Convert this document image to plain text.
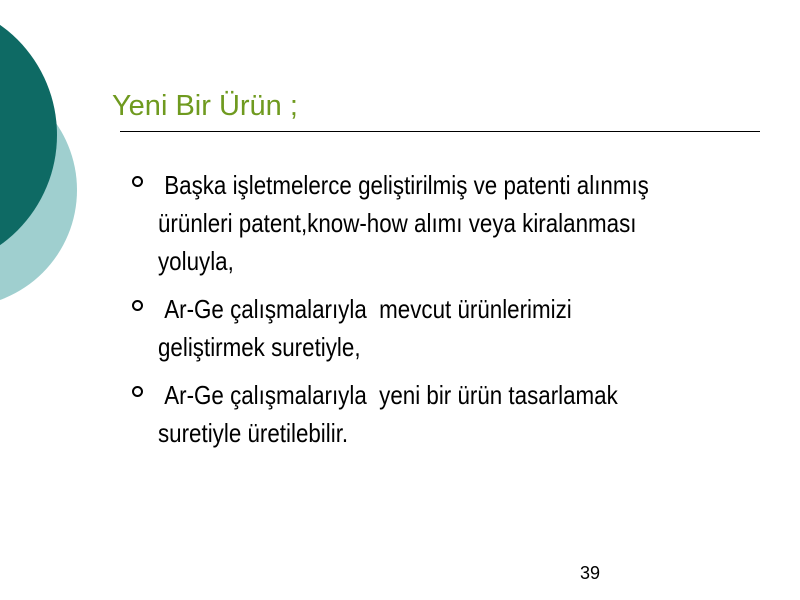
Yeni Bir Ürün ;
Başka işletmelerce geliştirilmiş ve patenti alınmış
ürünleri patent,know-how alımı veya kiralanması
yoluyla,
Ar-Ge çalışmalarıyla  mevcut ürünlerimizi
geliştirmek suretiyle,
Ar-Ge çalışmalarıyla  yeni bir ürün tasarlamak
suretiyle üretilebilir.
39
